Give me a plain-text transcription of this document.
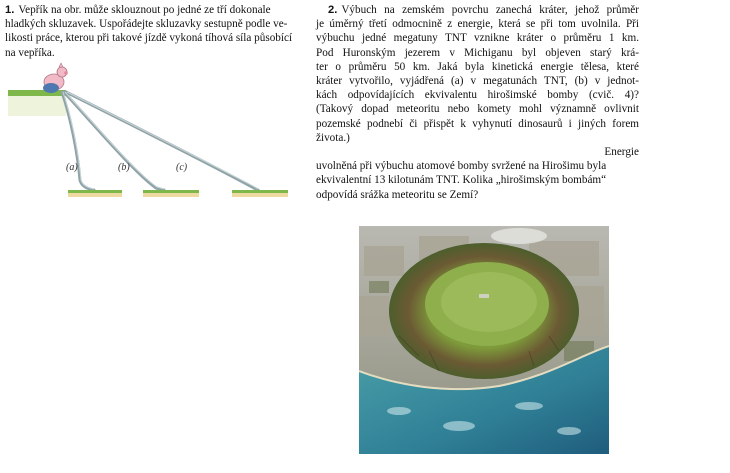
1. Vepřík na obr. může sklouznout po jedné ze tří dokonale
hladkých skluzavek. Uspořádejte skluzavky sestupně podle ve-
likosti práce, kterou při takové jízdě vykoná tíhová síla působící
na vepříka.
(a)	(b)	(c)
2. Výbuch na zemském povrchu zanechá kráter, jehož průměr
je úměrný třetí odmocnině z energie, která se při tom uvolnila. Při
výbuchu jedné megatuny TNT vznikne kráter o průměru 1 km.
Pod Huronským jezerem v Michiganu byl objeven starý krá-
ter o průměru 50 km. Jaká byla kinetická energie tělesa, které
kráter vytvořilo, vyjádřená (a) v megatunách TNT, (b) v jednot-
kách odpovídajících ekvivalentu hirošimské bomby (cvič. 4)?
(Takový dopad meteoritu nebo komety mohl významně ovlivnit
pozemské podnebí či přispět k vyhynutí dinosaurů i jiných forem
života.)
Energie
uvolněná při výbuchu atomové bomby svržené na Hirošimu byla
ekvivalentní 13 kilotunám TNT. Kolika „hirošimským bombám“
odpovídá srážka meteoritu se Zemí?
